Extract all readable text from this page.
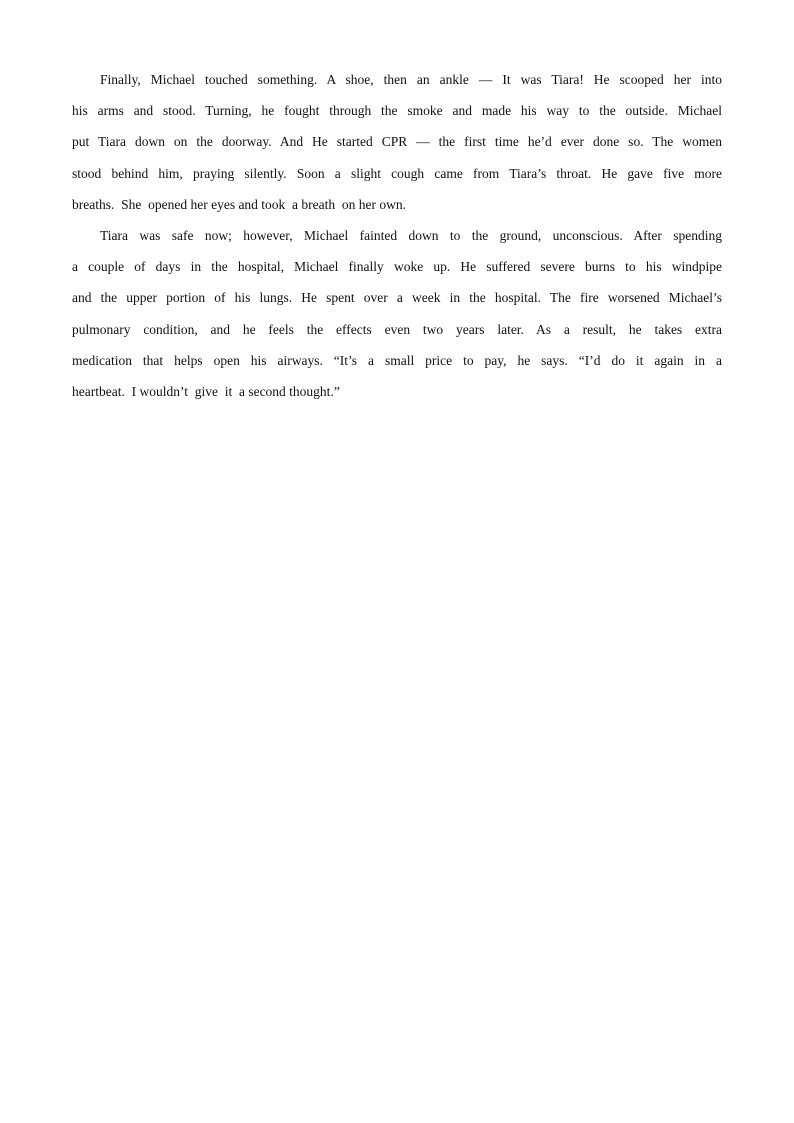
Finally, Michael touched something. A shoe, then an ankle — It was Tiara! He scooped her into
his arms and stood. Turning, he fought through the smoke and made his way to the outside. Michael
put Tiara down on the doorway. And He started CPR — the first time he’d ever done so. The women
stood behind him, praying silently. Soon a slight cough came from Tiara’s throat. He gave five more
breaths.  She  opened her eyes and took  a breath  on her own.
Tiara was safe now; however, Michael fainted down to the ground, unconscious. After spending
a couple of days in the hospital, Michael finally woke up. He suffered severe burns to his windpipe
and the upper portion of his lungs. He spent over a week in the hospital. The fire worsened Michael’s
pulmonary condition, and he feels the effects even two years later. As a result, he takes extra
medication that helps open his airways. “It’s a small price to pay, he says. “I’d do it again in a
heartbeat.  I wouldn’t  give  it  a second thought.”
